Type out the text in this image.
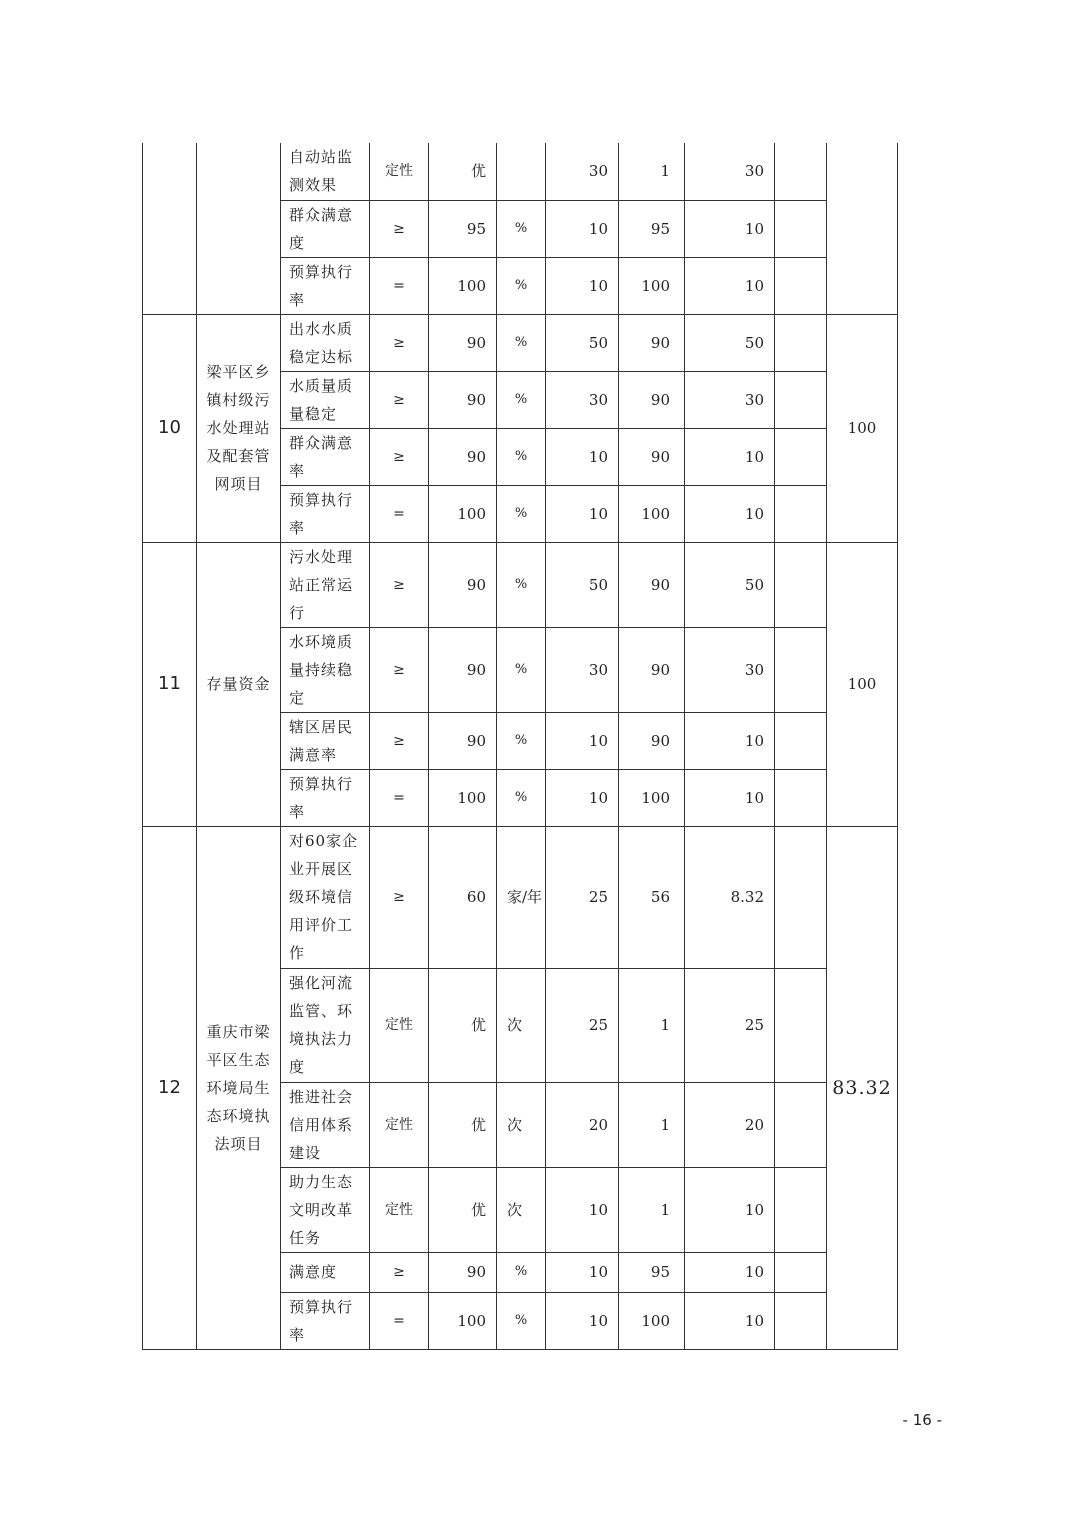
		自动站监测效果	定性	优		30	1	30		
		群众满意度	≥	95	%	10	95	10		
		预算执行率	=	100	%	10	100	10		
10	梁平区乡镇村级污水处理站及配套管网项目	出水水质稳定达标	≥	90	%	50	90	50		100
		水质量质量稳定	≥	90	%	30	90	30		
		群众满意率	≥	90	%	10	90	10		
		预算执行率	=	100	%	10	100	10		
11	存量资金	污水处理站正常运行	≥	90	%	50	90	50		100
		水环境质量持续稳定	≥	90	%	30	90	30		
		辖区居民满意率	≥	90	%	10	90	10		
		预算执行率	=	100	%	10	100	10		
12	重庆市梁平区生态环境局生态环境执法项目	对60家企业开展区级环境信用评价工作	≥	60	家/年	25	56	8.32		83.32
		强化河流监管、环境执法力度	定性	优	次	25	1	25		
		推进社会信用体系建设	定性	优	次	20	1	20		
		助力生态文明改革任务	定性	优	次	10	1	10		
		满意度	≥	90	%	10	95	10		
		预算执行率	=	100	%	10	100	10		
- 16 -
